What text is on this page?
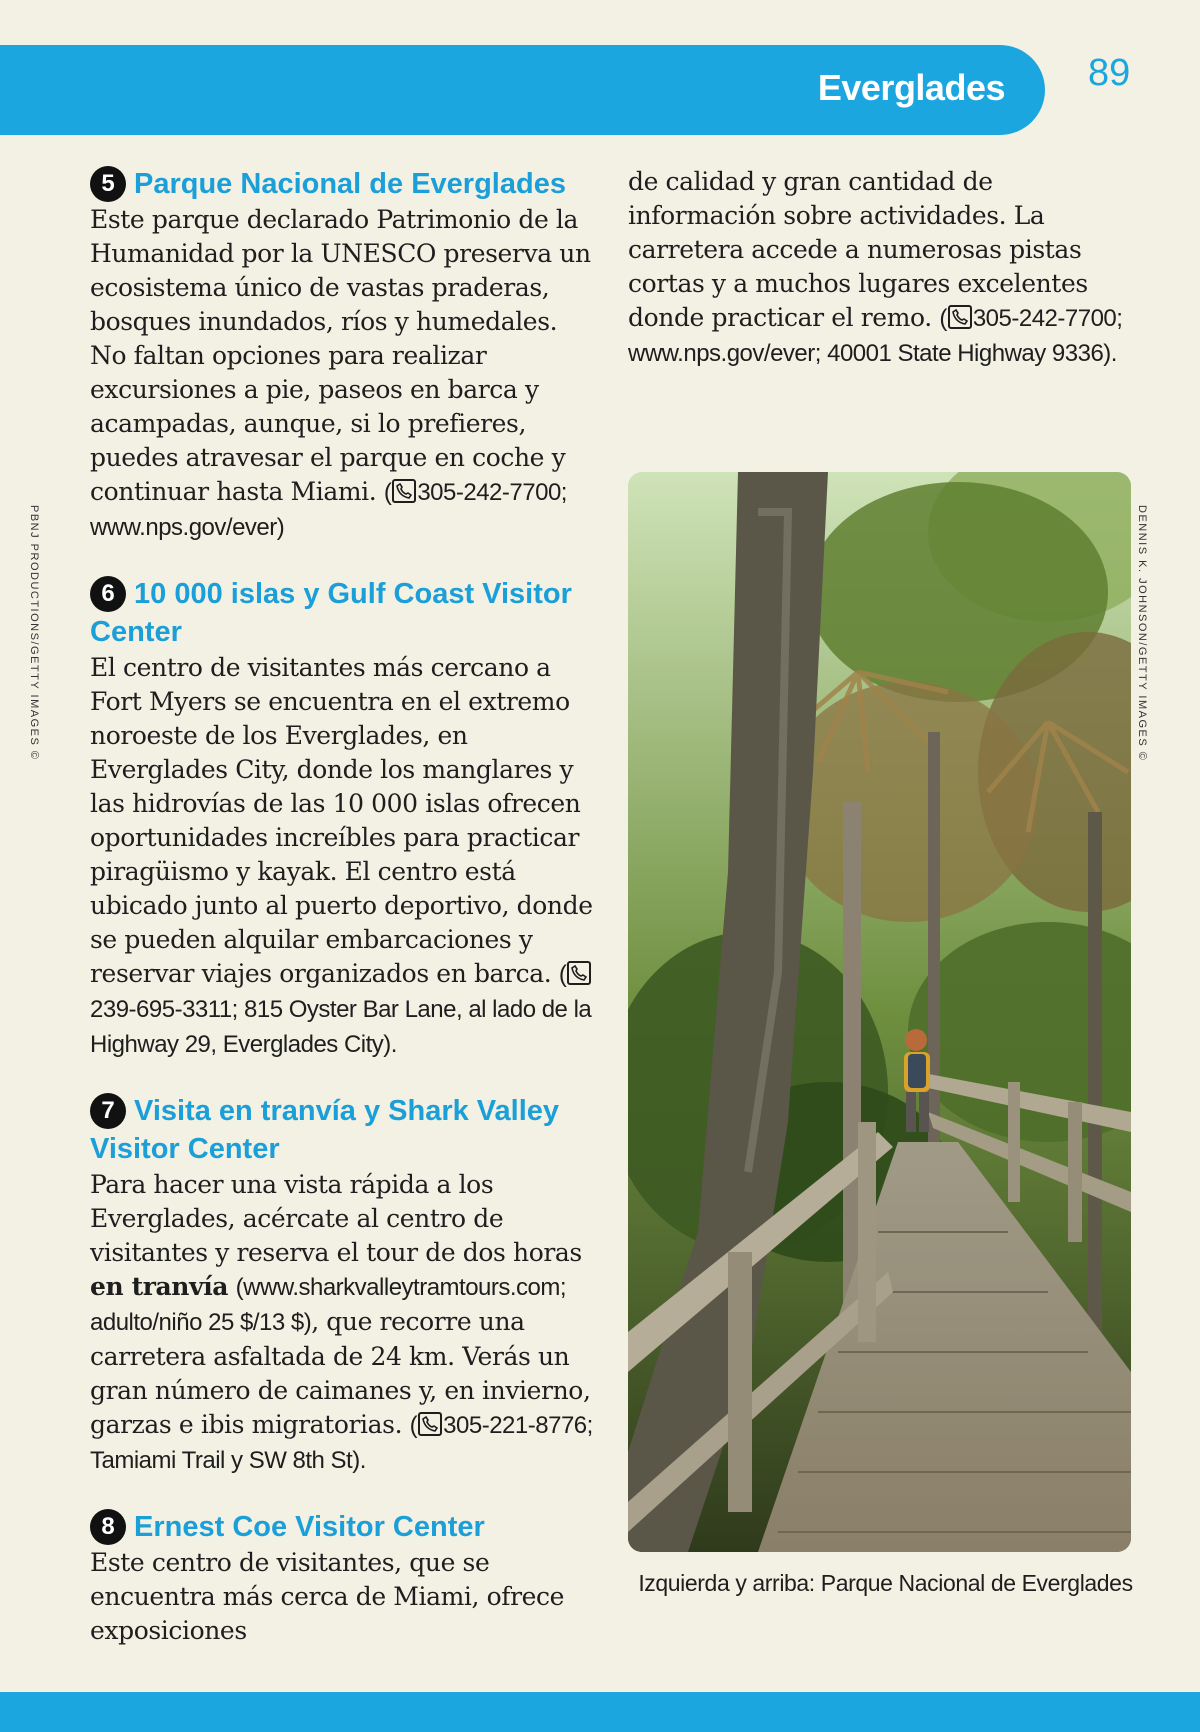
Everglades 89
PBNJ PRODUCTIONS/GETTY IMAGES ©	DENNIS K. JOHNSON/GETTY IMAGES ©
5 Parque Nacional de Everglades
Este parque declarado Patrimonio de la Humanidad por la UNESCO preserva un ecosistema único de vastas praderas, bosques inundados, ríos y humedales. No faltan opciones para realizar excursiones a pie, paseos en barca y acampadas, aunque, si lo prefieres, puedes atravesar el parque en coche y continuar hasta Miami. ( 305-242-7700; www.nps.gov/ever)
6 10 000 islas y Gulf Coast Visitor Center
El centro de visitantes más cercano a Fort Myers se encuentra en el extremo noroeste de los Everglades, en Everglades City, donde los manglares y las hidrovías de las 10 000 islas ofrecen oportunidades increíbles para practicar piragüismo y kayak. El centro está ubicado junto al puerto deportivo, donde se pueden alquilar embarcaciones y reservar viajes organizados en barca. (
239-695-3311; 815 Oyster Bar Lane, al lado de la Highway 29, Everglades City).
7 Visita en tranvía y Shark Valley Visitor Center
Para hacer una vista rápida a los Everglades, acércate al centro de visitantes y reserva el tour de dos horas en tranvía (www.sharkvalleytramtours.com; adulto/niño 25 $/13 $), que recorre una carretera asfaltada de 24 km. Verás un gran número de caimanes y, en invierno, garzas e ibis migratorias. ( 305-221-8776; Tamiami Trail y SW 8th St).
8 Ernest Coe Visitor Center
Este centro de visitantes, que se encuentra más cerca de Miami, ofrece exposiciones
de calidad y gran cantidad de información sobre actividades. La carretera accede a numerosas pistas cortas y a muchos lugares excelentes donde practicar el remo. ( 305-242-7700; www.nps.gov/ever; 40001 State Highway 9336).
Izquierda y arriba: Parque Nacional de Everglades
